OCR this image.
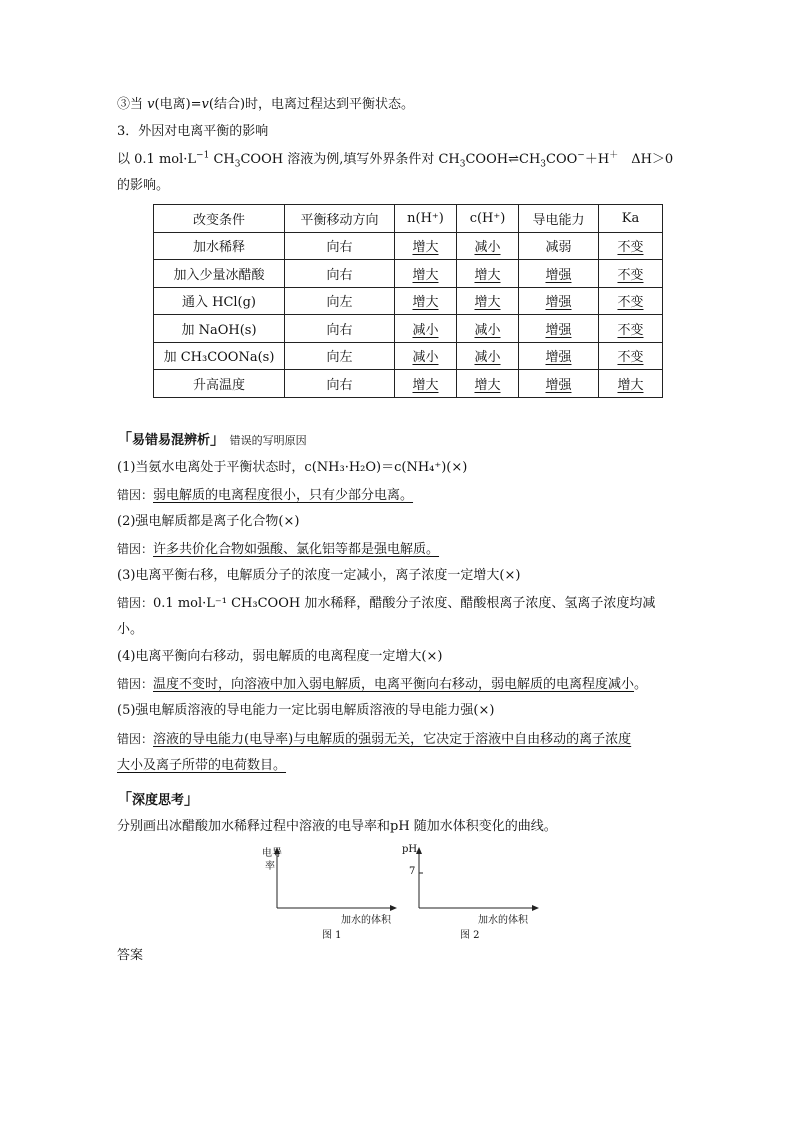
③当 v(电离)=v(结合)时，电离过程达到平衡状态。
3．外因对电离平衡的影响
以 0.1 $mol\cdot L^{-1}$ $CH_3COOH$ 溶液为例,填写外界条件对 $CH_3COOH\rightleftharpoons CH_3COO^-+H^+$　ΔH＞0
的影响。
改变条件	平衡移动方向	n(H⁺)	c(H⁺)	导电能力	Ka
加水稀释	向右	增大	减小	减弱	不变
加入少量冰醋酸	向右	增大	增大	增强	不变
通入 HCl(g)	向左	增大	增大	增强	不变
加 NaOH(s)	向右	减小	减小	增强	不变
加 CH₃COONa(s)	向左	减小	减小	增强	不变
升高温度	向右	增大	增大	增强	增大
「易错易混辨析」 错误的写明原因
(1)当氨水电离处于平衡状态时，c(NH₃·H₂O)＝c(NH₄⁺)(×)
错因：弱电解质的电离程度很小，只有少部分电离。
(2)强电解质都是离子化合物(×)
错因：许多共价化合物如强酸、氯化铝等都是强电解质。
(3)电离平衡右移，电解质分子的浓度一定减小，离子浓度一定增大(×)
错因：0.1 mol·L⁻¹ CH₃COOH 加水稀释，醋酸分子浓度、醋酸根离子浓度、氢离子浓度均减
小。
(4)电离平衡向右移动，弱电解质的电离程度一定增大(×)
错因：温度不变时，向溶液中加入弱电解质，电离平衡向右移动，弱电解质的电离程度减小。
(5)强电解质溶液的导电能力一定比弱电解质溶液的导电能力强(×)
错因：溶液的导电能力(电导率)与电解质的强弱无关，它决定于溶液中自由移动的离子浓度
大小及离子所带的电荷数目。
「深度思考」
分别画出冰醋酸加水稀释过程中溶液的电导率和pH 随加水体积变化的曲线。
电导
率
加水的体积
图 1
pH
7
加水的体积
图 2
答案
